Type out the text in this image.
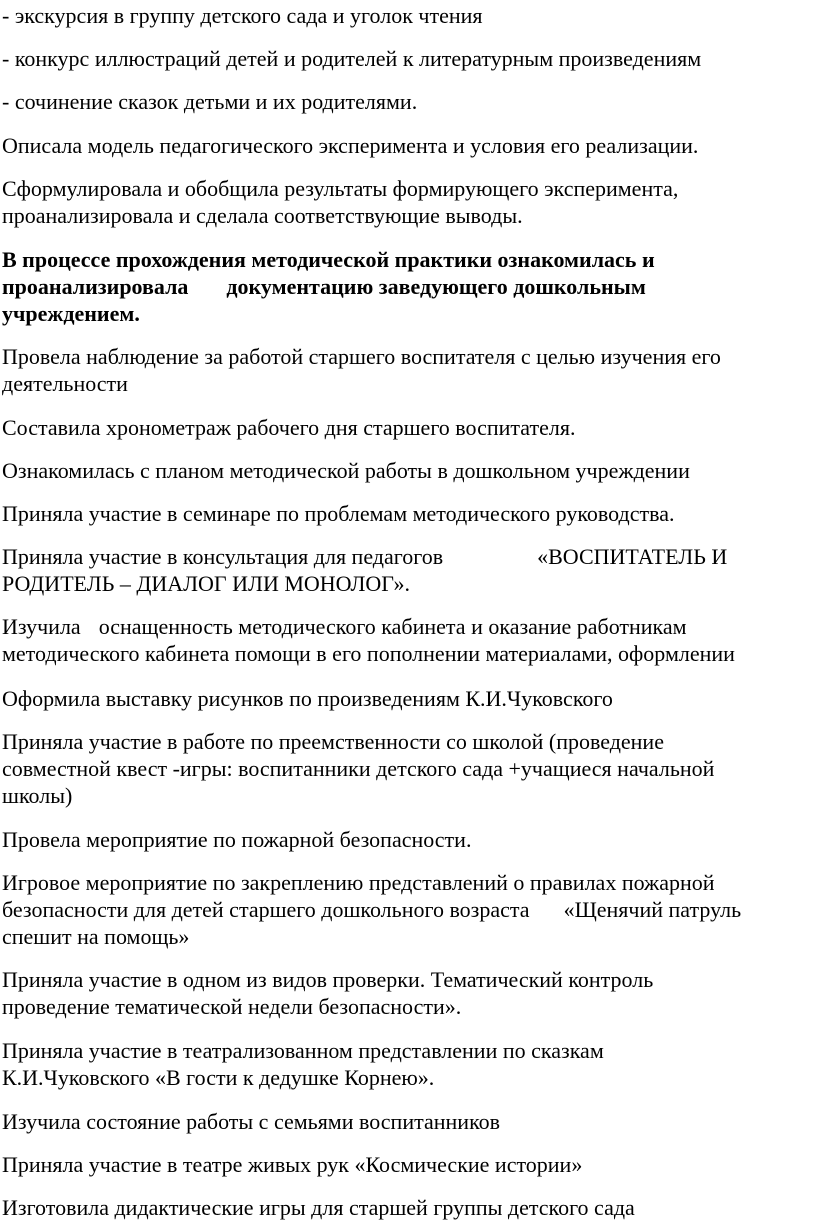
- экскурсия в группу детского сада и уголок чтения

- конкурс иллюстраций детей и родителей к литературным произведениям

- сочинение сказок детьми и их родителями.

Описала модель педагогического эксперимента и условия его реализации.

Сформулировала и обобщила результаты формирующего эксперимента,
проанализировала и сделала соответствующие выводы.

В процессе прохождения методической практики ознакомилась и
проанализировала документацию заведующего дошкольным
учреждением.

Провела наблюдение за работой старшего воспитателя с целью изучения его
деятельности

Составила хронометраж рабочего дня старшего воспитателя.

Ознакомилась с планом методической работы в дошкольном учреждении

Приняла участие в семинаре по проблемам методического руководства.

Приняла участие в консультация для педагогов	«ВОСПИТАТЕЛЬ И
РОДИТЕЛЬ – ДИАЛОГ ИЛИ МОНОЛОГ».

Изучила оснащенность методического кабинета и оказание работникам
методического кабинета помощи в его пополнении материалами, оформлении

Оформила выставку рисунков по произведениям К.И.Чуковского

Приняла участие в работе по преемственности со школой (проведение
совместной квест -игры: воспитанники детского сада +учащиеся начальной
школы)

Провела мероприятие по пожарной безопасности.

Игровое мероприятие по закреплению представлений о правилах пожарной
безопасности для детей старшего дошкольного возраста «Щенячий патруль
спешит на помощь»

Приняла участие в одном из видов проверки. Тематический контроль
проведение тематической недели безопасности».

Приняла участие в театрализованном представлении по сказкам
К.И.Чуковского «В гости к дедушке Корнею».

Изучила состояние работы с семьями воспитанников

Приняла участие в театре живых рук «Космические истории»

Изготовила дидактические игры для старшей группы детского сада
